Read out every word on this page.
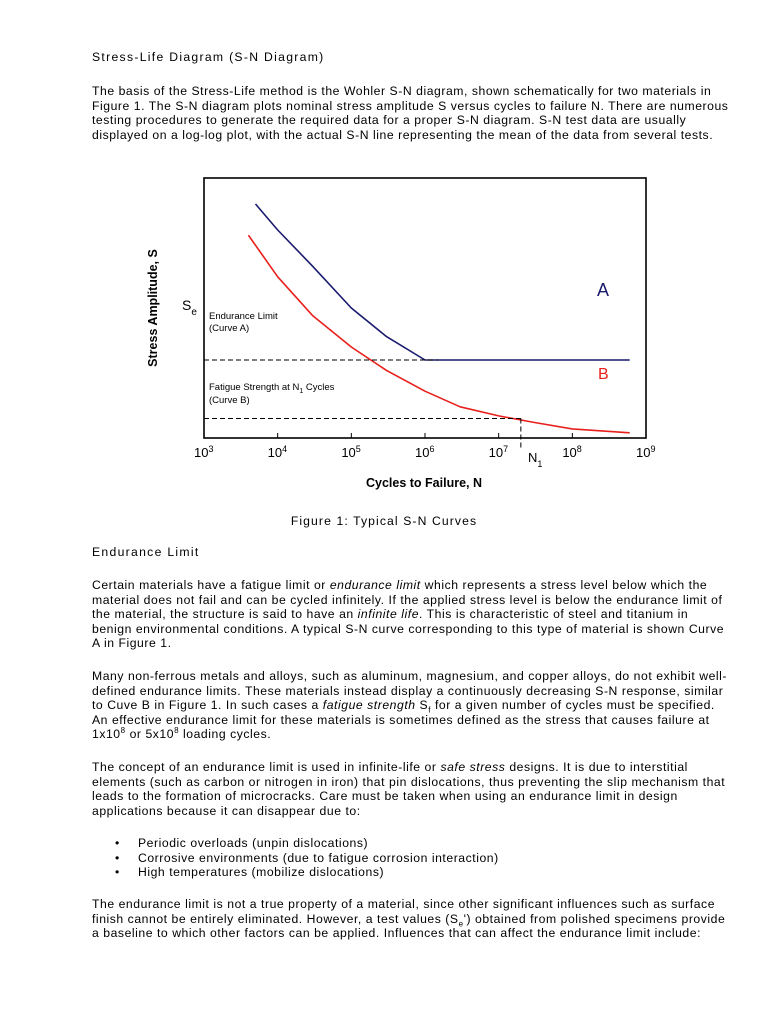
Stress-Life Diagram (S-N Diagram)

The basis of the Stress-Life method is the Wohler S-N diagram, shown schematically for two materials in Figure 1. The S-N diagram plots nominal stress amplitude S versus cycles to failure N. There are numerous testing procedures to generate the required data for a proper S-N diagram. S-N test data are usually displayed on a log-log plot, with the actual S-N line representing the mean of the data from several tests.

$10^3$	$10^4$	$10^5$	$10^6$	$10^7$	$10^8$	$10^9$
Stress Amplitude, S
Cycles to Failure, N
$S_e$ Endurance Limit
(Curve A)
Fatigue Strength at $N_1$ Cycles
(Curve B)
A
B
$N_1$
Figure 1: Typical S-N Curves
Endurance Limit

Certain materials have a fatigue limit or endurance limit which represents a stress level below which the material does not fail and can be cycled infinitely. If the applied stress level is below the endurance limit of the material, the structure is said to have an infinite life. This is characteristic of steel and titanium in benign environmental conditions. A typical S-N curve corresponding to this type of material is shown Curve A in Figure 1.

Many non-ferrous metals and alloys, such as aluminum, magnesium, and copper alloys, do not exhibit well-defined endurance limits. These materials instead display a continuously decreasing S-N response, similar to Cuve B in Figure 1. In such cases a fatigue strength $S_f$ for a given number of cycles must be specified. An effective endurance limit for these materials is sometimes defined as the stress that causes failure at $1x10^8$ or $5x10^8$ loading cycles.

The concept of an endurance limit is used in infinite-life or safe stress designs. It is due to interstitial elements (such as carbon or nitrogen in iron) that pin dislocations, thus preventing the slip mechanism that leads to the formation of microcracks. Care must be taken when using an endurance limit in design applications because it can disappear due to:

• Periodic overloads (unpin dislocations)
• Corrosive environments (due to fatigue corrosion interaction)
• High temperatures (mobilize dislocations)

The endurance limit is not a true property of a material, since other significant influences such as surface finish cannot be entirely eliminated. However, a test values $(S_e')$ obtained from polished specimens provide a baseline to which other factors can be applied. Influences that can affect the endurance limit include:
